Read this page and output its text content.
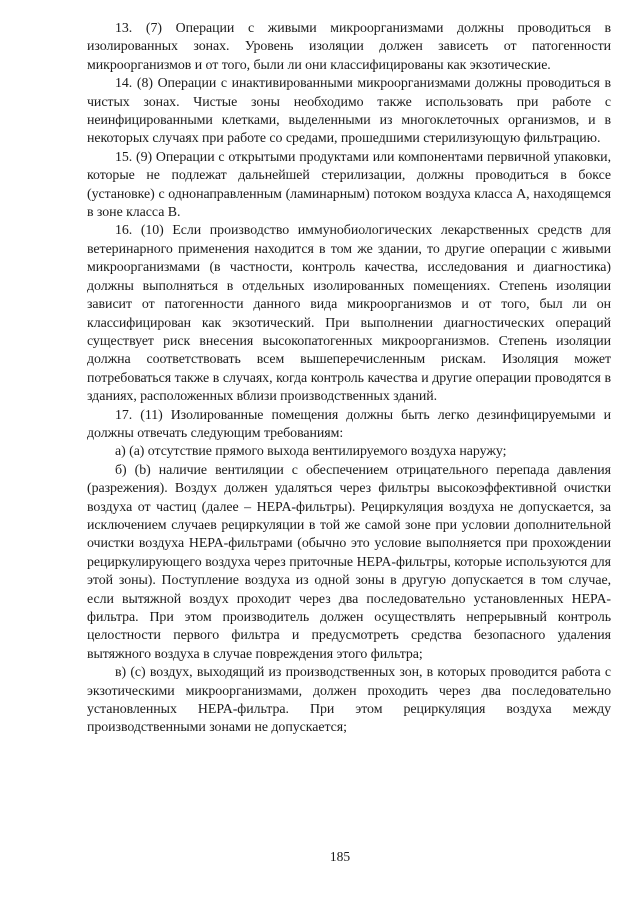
13. (7) Операции с живыми микроорганизмами должны проводиться в изолированных зонах. Уровень изоляции должен зависеть от патогенности микроорганизмов и от того, были ли они классифицированы как экзотические.

14. (8) Операции с инактивированными микроорганизмами должны проводиться в чистых зонах. Чистые зоны необходимо также использовать при работе с неинфицированными клетками, выделенными из многоклеточных организмов, и в некоторых случаях при работе со средами, прошедшими стерилизующую фильтрацию.

15. (9) Операции с открытыми продуктами или компонентами первичной упаковки, которые не подлежат дальнейшей стерилизации, должны проводиться в боксе (установке) с однонаправленным (ламинарным) потоком воздуха класса А, находящемся в зоне класса В.

16. (10) Если производство иммунобиологических лекарственных средств для ветеринарного применения находится в том же здании, то другие операции с живыми микроорганизмами (в частности, контроль качества, исследования и диагностика) должны выполняться в отдельных изолированных помещениях. Степень изоляции зависит от патогенности данного вида микроорганизмов и от того, был ли он классифицирован как экзотический. При выполнении диагностических операций существует риск внесения высокопатогенных микроорганизмов. Степень изоляции должна соответствовать всем вышеперечисленным рискам. Изоляция может потребоваться также в случаях, когда контроль качества и другие операции проводятся в зданиях, расположенных вблизи производственных зданий.

17. (11) Изолированные помещения должны быть легко дезинфицируемыми и должны отвечать следующим требованиям:

а) (а) отсутствие прямого выхода вентилируемого воздуха наружу;

б) (b) наличие вентиляции с обеспечением отрицательного перепада давления (разрежения). Воздух должен удаляться через фильтры высокоэффективной очистки воздуха от частиц (далее – HEPA-фильтры). Рециркуляция воздуха не допускается, за исключением случаев рециркуляции в той же самой зоне при условии дополнительной очистки воздуха HEPA-фильтрами (обычно это условие выполняется при прохождении рециркулирующего воздуха через приточные HEPA-фильтры, которые используются для этой зоны). Поступление воздуха из одной зоны в другую допускается в том случае, если вытяжной воздух проходит через два последовательно установленных HEPA-фильтра. При этом производитель должен осуществлять непрерывный контроль целостности первого фильтра и предусмотреть средства безопасного удаления вытяжного воздуха в случае повреждения этого фильтра;

в) (с) воздух, выходящий из производственных зон, в которых проводится работа с экзотическими микроорганизмами, должен проходить через два последовательно установленных HEPA-фильтра. При этом рециркуляция воздуха между производственными зонами не допускается;

185
